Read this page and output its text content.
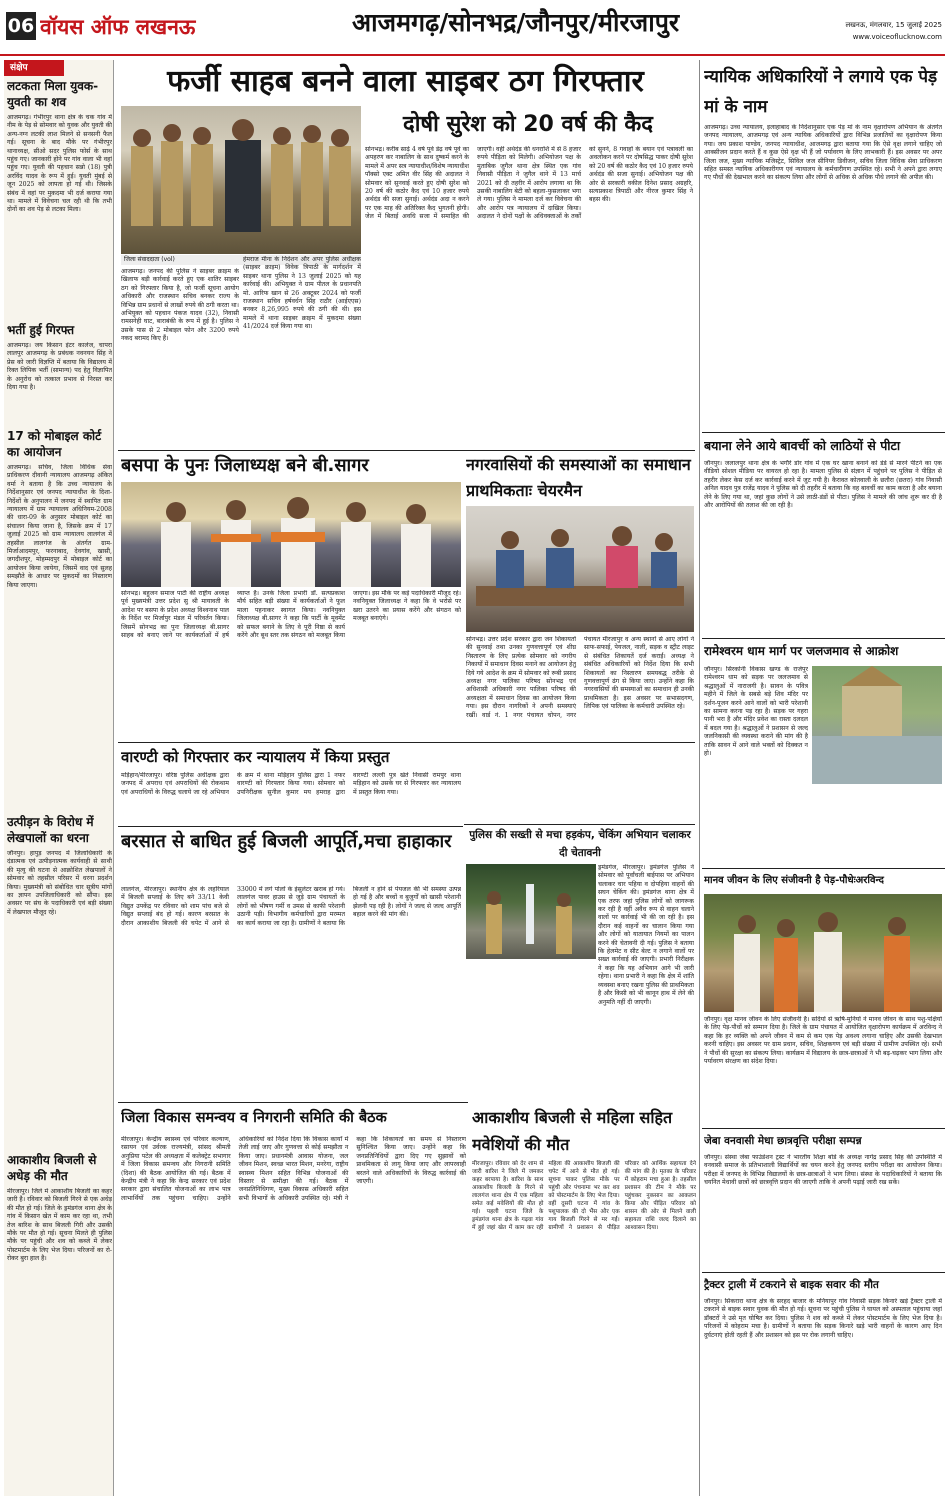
06 वॉयस ऑफ लखनऊ	आजमगढ़/सोनभद्र/जौनपुर/मीरजापुर	लखनऊ, मंगलवार, 15 जुलाई 2025
www.voiceoflucknow.com
संक्षेप
लटकता मिला युवक-युवती का शव
आजमगढ़। गंभीरपुर थाना क्षेत्र के चक गांव में नीम के पेड़ से सोमवार को युवक और युवती की अन्य-नग्न लटकी लाश मिलने से सनसनी फैल गई। सूचना के बाद मौके पर गंभीरपुर थानाध्यक्ष, सीओ सदर पुलिस फोर्स के साथ पहुंच गए। जानकारी होने पर गांव वाला भी वहां पहुंच गए। युवती की पहचान सन्नो (18) पुत्री अरविंद यादव के रूप में हुई। युवती मुंबई से जून 2025 को लापता हो गई थी। जिसके संबंध में वहां पर मुकदमा भी दर्ज कराया गया था। मामले में विवेचना चल रही थी कि तभी दोनों का शव पेड़ से लटका मिला।
भर्ती हुई गिरफ्त
आजमगढ़। जय किसान इंटर कालेज, चापरा लालपुर आजमगढ़ के प्रबंधक नवनयन सिंह ने प्रेस को जारी विज्ञप्ति में बताया कि विद्यालय में रिक्त लिपिक भर्ती (सामान्य) पद हेतु विज्ञापित के अनुरोध को तत्काल प्रभाव से निरस्त कर दिया गया है।
17 को मोबाइल कोर्ट का आयोजन
आजमगढ़। सचिव, जिला विधिक सेवा प्राधिकरण दीवानी न्यायालय आजमगढ़ अंकित वर्मा ने बताया है कि उच्च न्यायालय के निर्देशानुसार एवं जनपद न्यायाधीश के दिशा-निर्देशों के अनुपालन में जनपद में स्थापित ग्राम न्यायालय में ग्राम न्यायालय अधिनियम-2008 की धारा-09 के अनुसार मोबाइल कोर्ट का संचालन किया जाना है, जिसके क्रम में 17 जुलाई 2025 को ग्राम न्यायालय लालगंज में तहसील लालगंज के अंतर्गत ग्राम-मिर्जाआदमपुर, फरनाबाद, देवगांव, खासी, जगदीशपुर, मोहम्मदपुर में मोबाइल कोर्ट का आयोजन किया जायेगा, जिसमें वाद एवं सुलह समझौते के आधार पर मुकदमों का निस्तारण किया जाएगा।
उत्पीड़न के विरोध में लेखपालों का धरना
जौनपुर। हापुड़ जनपद में जिलाधिकारी के दंडात्मक एवं उत्पीड़नात्मक कार्यवाही से साथी की मृत्यु की घटना से आक्रोशित लेखपालों ने सोमवार को तहसील परिसर में धरना प्रदर्शन किया। मुख्यमंत्री को संबोधित चार सूत्रीय मांगों का ज्ञापन उपजिलाधिकारी को सौंपा। इस अवसर पर संघ के पदाधिकारी एवं बड़ी संख्या में लेखपाल मौजूद रहे।
आकाशीय बिजली से अधेड़ की मौत
मीरजापुर। जिले में आकाशीय बिजली का कहर जारी है। रविवार को बिजली गिरने से एक अधेड़ की मौत हो गई। जिले के ड्रमंडगंज थाना क्षेत्र के गांव में किसान खेत में काम कर रहा था, तभी तेज बारिश के साथ बिजली गिरी और उसकी मौके पर मौत हो गई। सूचना मिलते ही पुलिस मौके पर पहुंची और शव को कब्जे में लेकर पोस्टमार्टम के लिए भेज दिया। परिजनों का रो-रोकर बुरा हाल है।
फर्जी साहब बनने वाला साइबर ठग गिरफ्तार
जिला संवाददाता (vol)
आजमगढ़। जनपद की पुलिस ने साइबर क्राइम के खिलाफ बड़ी कार्रवाई करते हुए एक शातिर साइबर ठग को गिरफ्तार किया है, जो फर्जी सूचना आयोग अधिकारी और राजस्थान सचिव बनकर राज्य के विभिन्न ग्राम प्रधानों से लाखों रुपये की ठगी करता था। अभियुक्त को पहचान पंकज यादव (32), निवासी रामसनेही घाट, बाराबंकी के रूप में हुई है। पुलिस ने उसके पास से 2 मोबाइल फोन और 3200 रुपये नकद बरामद किए हैं।
हेमराज मीना के निर्देशन और अपर पुलिस अधीक्षक (साइबर क्राइम) विवेक त्रिपाठी के मार्गदर्शन में साइबर थाना पुलिस ने 13 जुलाई 2025 को यह कार्रवाई की। अभियुक्त ने ग्राम पीतल के प्रधानपति मो. आरिफ खान से 26 अक्टूबर 2024 को फर्जी राजस्थान सचिव हर्षवर्धन सिंह राठौर (आईएएस) बनकर 8,26,995 रुपये की ठगी की थी। इस मामले में थाना साइबर क्राइम में मुकदमा संख्या 41/2024 दर्ज किया गया था।
दोषी सुरेश को 20 वर्ष की कैद
सोनभद्र। करीब साढ़े 4 वर्ष पूर्व डेढ़ वर्ष पूर्व का अपहरण कर नाबालिग के साथ दुष्कर्म करने के मामले में अपर सत्र न्यायाधीश/विशेष न्यायाधीश पॉक्सो एक्ट अमित वीर सिंह की अदालत ने सोमवार को सुनवाई करते हुए दोषी सुरेश को 20 वर्ष की कठोर कैद एवं 10 हजार रुपये अर्थदंड की सजा सुनाई। अर्थदंड अदा न करने पर एक माह की अतिरिक्त कैद भुगतनी होगी। जेल में बिताई अवधि सजा में समाहित की जाएगी। वहीं अर्थदंड की धनराशि में से 8 हजार रुपये पीड़िता को मिलेगी। अभियोजन पक्ष के मुताबिक जुगैल थाना क्षेत्र स्थित एक गांव निवासी पीड़िता ने जुगैल थाने में 13 मार्च 2021 को दी तहरीर में आरोप लगाया था कि उसकी नाबालिग बेटी को बहला-फुसलाकर भगा ले गया। पुलिस ने मामला दर्ज कर विवेचना की और आरोप पत्र न्यायालय में दाखिल किया। अदालत ने दोनों पक्षों के अधिवक्ताओं के तर्कों को सुनने, 8 गवाहों के बयान एवं पत्रावली का अवलोकन करने पर दोषसिद्ध पाकर दोषी सुरेश को 20 वर्ष की कठोर कैद एवं 10 हजार रुपये अर्थदंड की सजा सुनाई। अभियोजन पक्ष की ओर से सरकारी वकील दिनेश प्रसाद अग्रहरि, सत्यप्रकाश त्रिपाठी और नीरज कुमार सिंह ने बहस की।
बसपा के पुनः जिलाध्यक्ष बने बी.सागर
सोनभद्र। बहुजन समाज पार्टी की राष्ट्रीय अध्यक्ष पूर्व मुख्यमंत्री उत्तर प्रदेश सु श्री मायावती के आदेश पर बसपा के प्रदेश अध्यक्ष विश्वनाथ पाल के निर्देश पर मिर्जापुर मंडल में परिवर्तन किया। जिसमें सोनभद्र का पुनः जिलाध्यक्ष बी.सागर साहब को बनाए जाने पर कार्यकर्ताओं में हर्ष व्याप्त है। उनके जिला प्रभारी डॉ. सत्यप्रकाश मौर्य सहित बड़ी संख्या में कार्यकर्ताओं ने फूल माला पहनाकर स्वागत किया। नवनियुक्त जिलाध्यक्ष बी.सागर ने कहा कि पार्टी के मूवमेंट को सफल बनाने के लिए वे पूरी निष्ठा से कार्य करेंगे और बूथ स्तर तक संगठन को मजबूत किया जाएगा। इस मौके पर कई पदाधिकारी मौजूद रहे। नवनियुक्त जिलाध्यक्ष ने कहा कि वे भरोसे पर खरा उतरने का प्रयास करेंगे और संगठन को मजबूत बनाएंगे।
वारण्टी को गिरफ्तार कर न्यायालय में किया प्रस्तुत
मड़िहान/मीरजापुर। वरिष्ठ पुलिस अधीक्षक द्वारा जनपद में अपराध एवं अपराधियों की रोकथाम एवं अपराधियों के विरुद्ध चलाये जा रहे अभियान के क्रम में थाना मड़िहान पुलिस द्वारा 1 नफर वारण्टी को गिरफ्तार किया गया। सोमवार को उपनिरीक्षक सुनील कुमार मय हमराह द्वारा वारण्टी लल्ली पुत्र खेते निवासी रामपुर थाना मड़िहान को उसके घर से गिरफ्तार कर न्यायालय में प्रस्तुत किया गया।
बरसात से बाधित हुई बिजली आपूर्ति,मचा हाहाकार
लालगंज, मीरजापुर। स्थानीय क्षेत्र के लहरियाल में बिजली सप्लाई के लिए बने 33/11 केवी विद्युत उपकेंद्र पर रविवार को शाम पांच बजे से विद्युत सप्लाई बंद हो गई। कारण बरसात के दौरान आकाशीय बिजली की चपेट में आने से 33000 में लगे पोलों के इंसुलेटर खराब हो गये। लालगंज पावर हाउस से जुड़े ग्राम पंचायतों के लोगों को भीषण गर्मी व उमस से काफी परेशानी उठानी पड़ी। विभागीय कर्मचारियों द्वारा मरम्मत का कार्य कराया जा रहा है। ग्रामीणों ने बताया कि बिजली न होने से पेयजल की भी समस्या उत्पन्न हो गई है और बच्चों व बुजुर्गों को खासी परेशानी झेलनी पड़ रही है। लोगों ने जल्द से जल्द आपूर्ति बहाल करने की मांग की।
नगरवासियों की समस्याओं का समाधान प्राथमिकताः चेयरमैन
सोनभद्र। उत्तर प्रदेश सरकार द्वारा जन शिकायतों की सुनवाई तथा उनका गुणवत्तापूर्ण एवं शीघ्र निस्तारण के लिए प्रत्येक सोमवार को नगरीय निकायों में समाधान दिवस मनाने का आयोजन हेतु दिये गये आदेश के क्रम में सोमवार को रूबी प्रसाद अध्यक्ष नगर पालिका परिषद सोनभद्र एवं अधिशासी अधिकारी नगर पालिका परिषद की अध्यक्षता में समाधान दिवस का आयोजन किया गया। इस दौरान नागरिकों ने अपनी समस्याएं रखीं। वार्ड नं. 1 नगर पंचायत चोपन, नगर पंचायत मीरजापुर व अन्य स्थानों से आए लोगों ने साफ-सफाई, पेयजल, नाली, सड़क व स्ट्रीट लाइट से संबंधित शिकायतें दर्ज कराईं। अध्यक्ष ने संबंधित अधिकारियों को निर्देश दिया कि सभी शिकायतों का निस्तारण समयबद्ध तरीके से गुणवत्तापूर्ण ढंग से किया जाए। उन्होंने कहा कि नगरवासियों की समस्याओं का समाधान ही उनकी प्राथमिकता है। इस अवसर पर सभासदगण, लिपिक एवं पालिका के कर्मचारी उपस्थित रहे।
पुलिस की सख्ती से मचा हड़कंप, चेकिंग अभियान चलाकर दी चेतावनी
ड्रमंडगंज, मीरजापुर। ड्रमंडगंज पुलिस ने सोमवार को पूर्वांचली बाईपास पर अभियान चलाकर चार पहिया व दोपहिया वाहनों की सघन चेकिंग की। ड्रमंडगंज थाना क्षेत्र में एक तरफ जहां पुलिस लोगों को जागरूक कर रही है वहीं अवैध रूप से वाहन चलाने वालों पर कार्रवाई भी की जा रही है। इस दौरान कई वाहनों का चालान किया गया और लोगों को यातायात नियमों का पालन करने की चेतावनी दी गई। पुलिस ने बताया कि हेलमेट व सीट बेल्ट न लगाने वालों पर सख्त कार्रवाई की जाएगी। प्रभारी निरीक्षक ने कहा कि यह अभियान आगे भी जारी रहेगा। थाना प्रभारी ने कहा कि क्षेत्र में शांति व्यवस्था बनाए रखना पुलिस की प्राथमिकता है और किसी को भी कानून हाथ में लेने की अनुमति नहीं दी जाएगी।
जिला विकास समन्वय व निगरानी समिति की बैठक
मीरजापुर। केन्द्रीय स्वास्थ्य एवं परिवार कल्याण, रसायन एवं उर्वरक राज्यमंत्री, सांसद श्रीमती अनुप्रिया पटेल की अध्यक्षता में कलेक्ट्रेट सभागार में जिला विकास समन्वय और निगरानी समिति (दिशा) की बैठक आयोजित की गई। बैठक में केन्द्रीय मंत्री ने कहा कि केन्द्र सरकार एवं प्रदेश सरकार द्वारा संचालित योजनाओं का लाभ पात्र लाभार्थियों तक पहुंचना चाहिए। उन्होंने अधिकारियों को निर्देश दिया कि विकास कार्यों में तेजी लाई जाए और गुणवत्ता से कोई समझौता न किया जाए। प्रधानमंत्री आवास योजना, जल जीवन मिशन, स्वच्छ भारत मिशन, मनरेगा, राष्ट्रीय स्वास्थ्य मिशन सहित विभिन्न योजनाओं की विस्तार से समीक्षा की गई। बैठक में जनप्रतिनिधिगण, मुख्य विकास अधिकारी सहित सभी विभागों के अधिकारी उपस्थित रहे। मंत्री ने कहा कि शिकायतों का समय से निस्तारण सुनिश्चित किया जाए। उन्होंने कहा कि जनप्रतिनिधियों द्वारा दिए गए सुझावों को प्राथमिकता से लागू किया जाए और लापरवाही बरतने वाले अधिकारियों के विरुद्ध कार्रवाई की जाएगी।
आकाशीय बिजली से महिला सहित मवेशियों की मौत
मीरजापुर। रविवार को देर शाम से जारी बारिश ने जिले में जमकर कहर बरपाया है। बारिश के साथ आकाशीय बिजली के गिरने से लालगंज थाना क्षेत्र में एक महिला समेत कई मवेशियों की मौत हो गई। पहली घटना जिले के ड्रमंडगंज थाना क्षेत्र के गढ़वा गांव में हुई जहां खेत में काम कर रही महिला की आकाशीय बिजली की चपेट में आने से मौत हो गई। सूचना पाकर पुलिस मौके पर पहुंची और पंचनामा भर कर शव को पोस्टमार्टम के लिए भेज दिया। वहीं दूसरी घटना में गांव के पशुपालक की दो भैंस और एक गाय बिजली गिरने से मर गईं। ग्रामीणों ने प्रशासन से पीड़ित परिवार को आर्थिक सहायता देने की मांग की है। मृतका के परिवार में कोहराम मचा हुआ है। तहसील प्रशासन की टीम ने मौके पर पहुंचकर नुकसान का आकलन किया और पीड़ित परिवार को शासन की ओर से मिलने वाली सहायता राशि जल्द दिलाने का आश्वासन दिया।
न्यायिक अधिकारियों ने लगाये एक पेड़ मां के नाम
आजमगढ़। उच्च न्यायालय, इलाहाबाद के निर्देशानुसार एक पेड़ मां के नाम वृक्षारोपण अभियान के अंतर्गत जनपद न्यायालय, आजमगढ़ एवं अन्य न्यायिक अधिकारियों द्वारा विभिन्न प्रजातियों का वृक्षारोपण किया गया। जय प्रकाश पाण्डेय, जनपद न्यायाधीश, आजमगढ़ द्वारा बताया गया कि ऐसे वृक्ष लगाने चाहिए जो आक्सीजन प्रदान करते हैं व कुछ ऐसे वृक्ष भी हैं जो पर्यावरण के लिए लाभकारी हैं। इस अवसर पर अपर जिला जज, मुख्य न्यायिक मजिस्ट्रेट, सिविल जज सीनियर डिवीजन, सचिव जिला विधिक सेवा प्राधिकरण सहित समस्त न्यायिक अधिकारीगण एवं न्यायालय के कर्मचारीगण उपस्थित रहे। सभी ने अपने द्वारा लगाए गए पौधों की देखभाल करने का संकल्प लिया और लोगों से अधिक से अधिक पौधे लगाने की अपील की।
बयाना लेने आये बावर्ची को लाठियों से पीटा
जौनपुर। जलालपुर थाना क्षेत्र के भगौरे डोर गांव में एक घर खाना बनाने को डंडे से मारने पीटने का एक वीडियो सोशल मीडिया पर वायरल हो रहा है। मामला पुलिस से संज्ञान में पहुंचने पर पुलिस ने पीड़ित से तहरीर लेकर केस दर्ज कर कार्रवाई करने में जुट गयी है। कैरावत कोतवाली के छतौरा (छतरा) गांव निवासी अनिल यादव पुत्र राजेंद्र यादव ने पुलिस को दी तहरीर में बताया कि वह बावर्ची का काम करता है और बयाना लेने के लिए गया था, जहां कुछ लोगों ने उसे लाठी-डंडों से पीटा। पुलिस ने मामले की जांच शुरू कर दी है और आरोपियों की तलाश की जा रही है।
रामेश्वरम धाम मार्ग पर जलजमाव से आक्रोश
जौनपुर। सिरकोनी विकास खण्ड के राजेपुर रामेश्वरम धाम को सड़क पर जलजमाव से श्रद्धालुओं में नाराजगी है। सावन के पवित्र महीने में जिले के सबसे बड़े शिव मंदिर पर दर्शन-पूजन करने आने वालों को भारी परेशानी का सामना करना पड़ रहा है। सड़क पर गहरा पानी भरा है और मंदिर प्रवेश का रास्ता दलदल में बदल गया है। श्रद्धालुओं ने प्रशासन से जल्द जलनिकासी की व्यवस्था कराने की मांग की है ताकि सावन में आने वाले भक्तों को दिक्कत न हो।
मानव जीवन के लिए संजीवनी है पेड़-पौधेःअरविन्द
जौनपुर। वृक्ष मानव जीवन के लिए संजीवनी है। सदियों से ऋषि-मुनियों ने मानव जीवन के साथ पशु-पक्षियों के लिए पेड़-पौधों को सम्मान दिया है। जिले के ग्राम पंचायत में आयोजित वृक्षारोपण कार्यक्रम में अरविन्द ने कहा कि हर व्यक्ति को अपने जीवन में कम से कम एक पेड़ अवश्य लगाना चाहिए और उसकी देखभाल करनी चाहिए। इस अवसर पर ग्राम प्रधान, सचिव, शिक्षकगण एवं बड़ी संख्या में ग्रामीण उपस्थित रहे। सभी ने पौधों की सुरक्षा का संकल्प लिया। कार्यक्रम में विद्यालय के छात्र-छात्राओं ने भी बढ़-चढ़कर भाग लिया और पर्यावरण संरक्षण का संदेश दिया।
जेबा वनवासी मेधा छात्रवृत्ति परीक्षा सम्पन्न
जौनपुर। संस्था जेबा फाउंडेशन ट्रस्ट ने भारतीय शिक्षा बोर्ड के अध्यक्ष नागेंद्र प्रसाद सिंह की उपस्थिति में वनवासी समाज के प्रतिभाशाली विद्यार्थियों का चयन करने हेतु जनपद स्तरीय परीक्षा का आयोजन किया। परीक्षा में जनपद के विभिन्न विद्यालयों के छात्र-छात्राओं ने भाग लिया। संस्था के पदाधिकारियों ने बताया कि चयनित मेधावी छात्रों को छात्रवृत्ति प्रदान की जाएगी ताकि वे अपनी पढ़ाई जारी रख सकें।
ट्रैक्टर ट्राली में टकराने से बाइक सवार की मौत
जौनपुर। सिकरारा थाना क्षेत्र के सरहद बाजार के मनियापुर गांव निवासी सड़क किनारे खड़े ट्रैक्टर ट्राली में टकराने से बाइक सवार युवक की मौत हो गई। सूचना पर पहुंची पुलिस ने घायल को अस्पताल पहुंचाया जहां डॉक्टरों ने उसे मृत घोषित कर दिया। पुलिस ने शव को कब्जे में लेकर पोस्टमार्टम के लिए भेज दिया है। परिजनों में कोहराम मचा है। ग्रामीणों ने बताया कि सड़क किनारे खड़े भारी वाहनों के कारण आए दिन दुर्घटनाएं होती रहती हैं और प्रशासन को इस पर रोक लगानी चाहिए।
